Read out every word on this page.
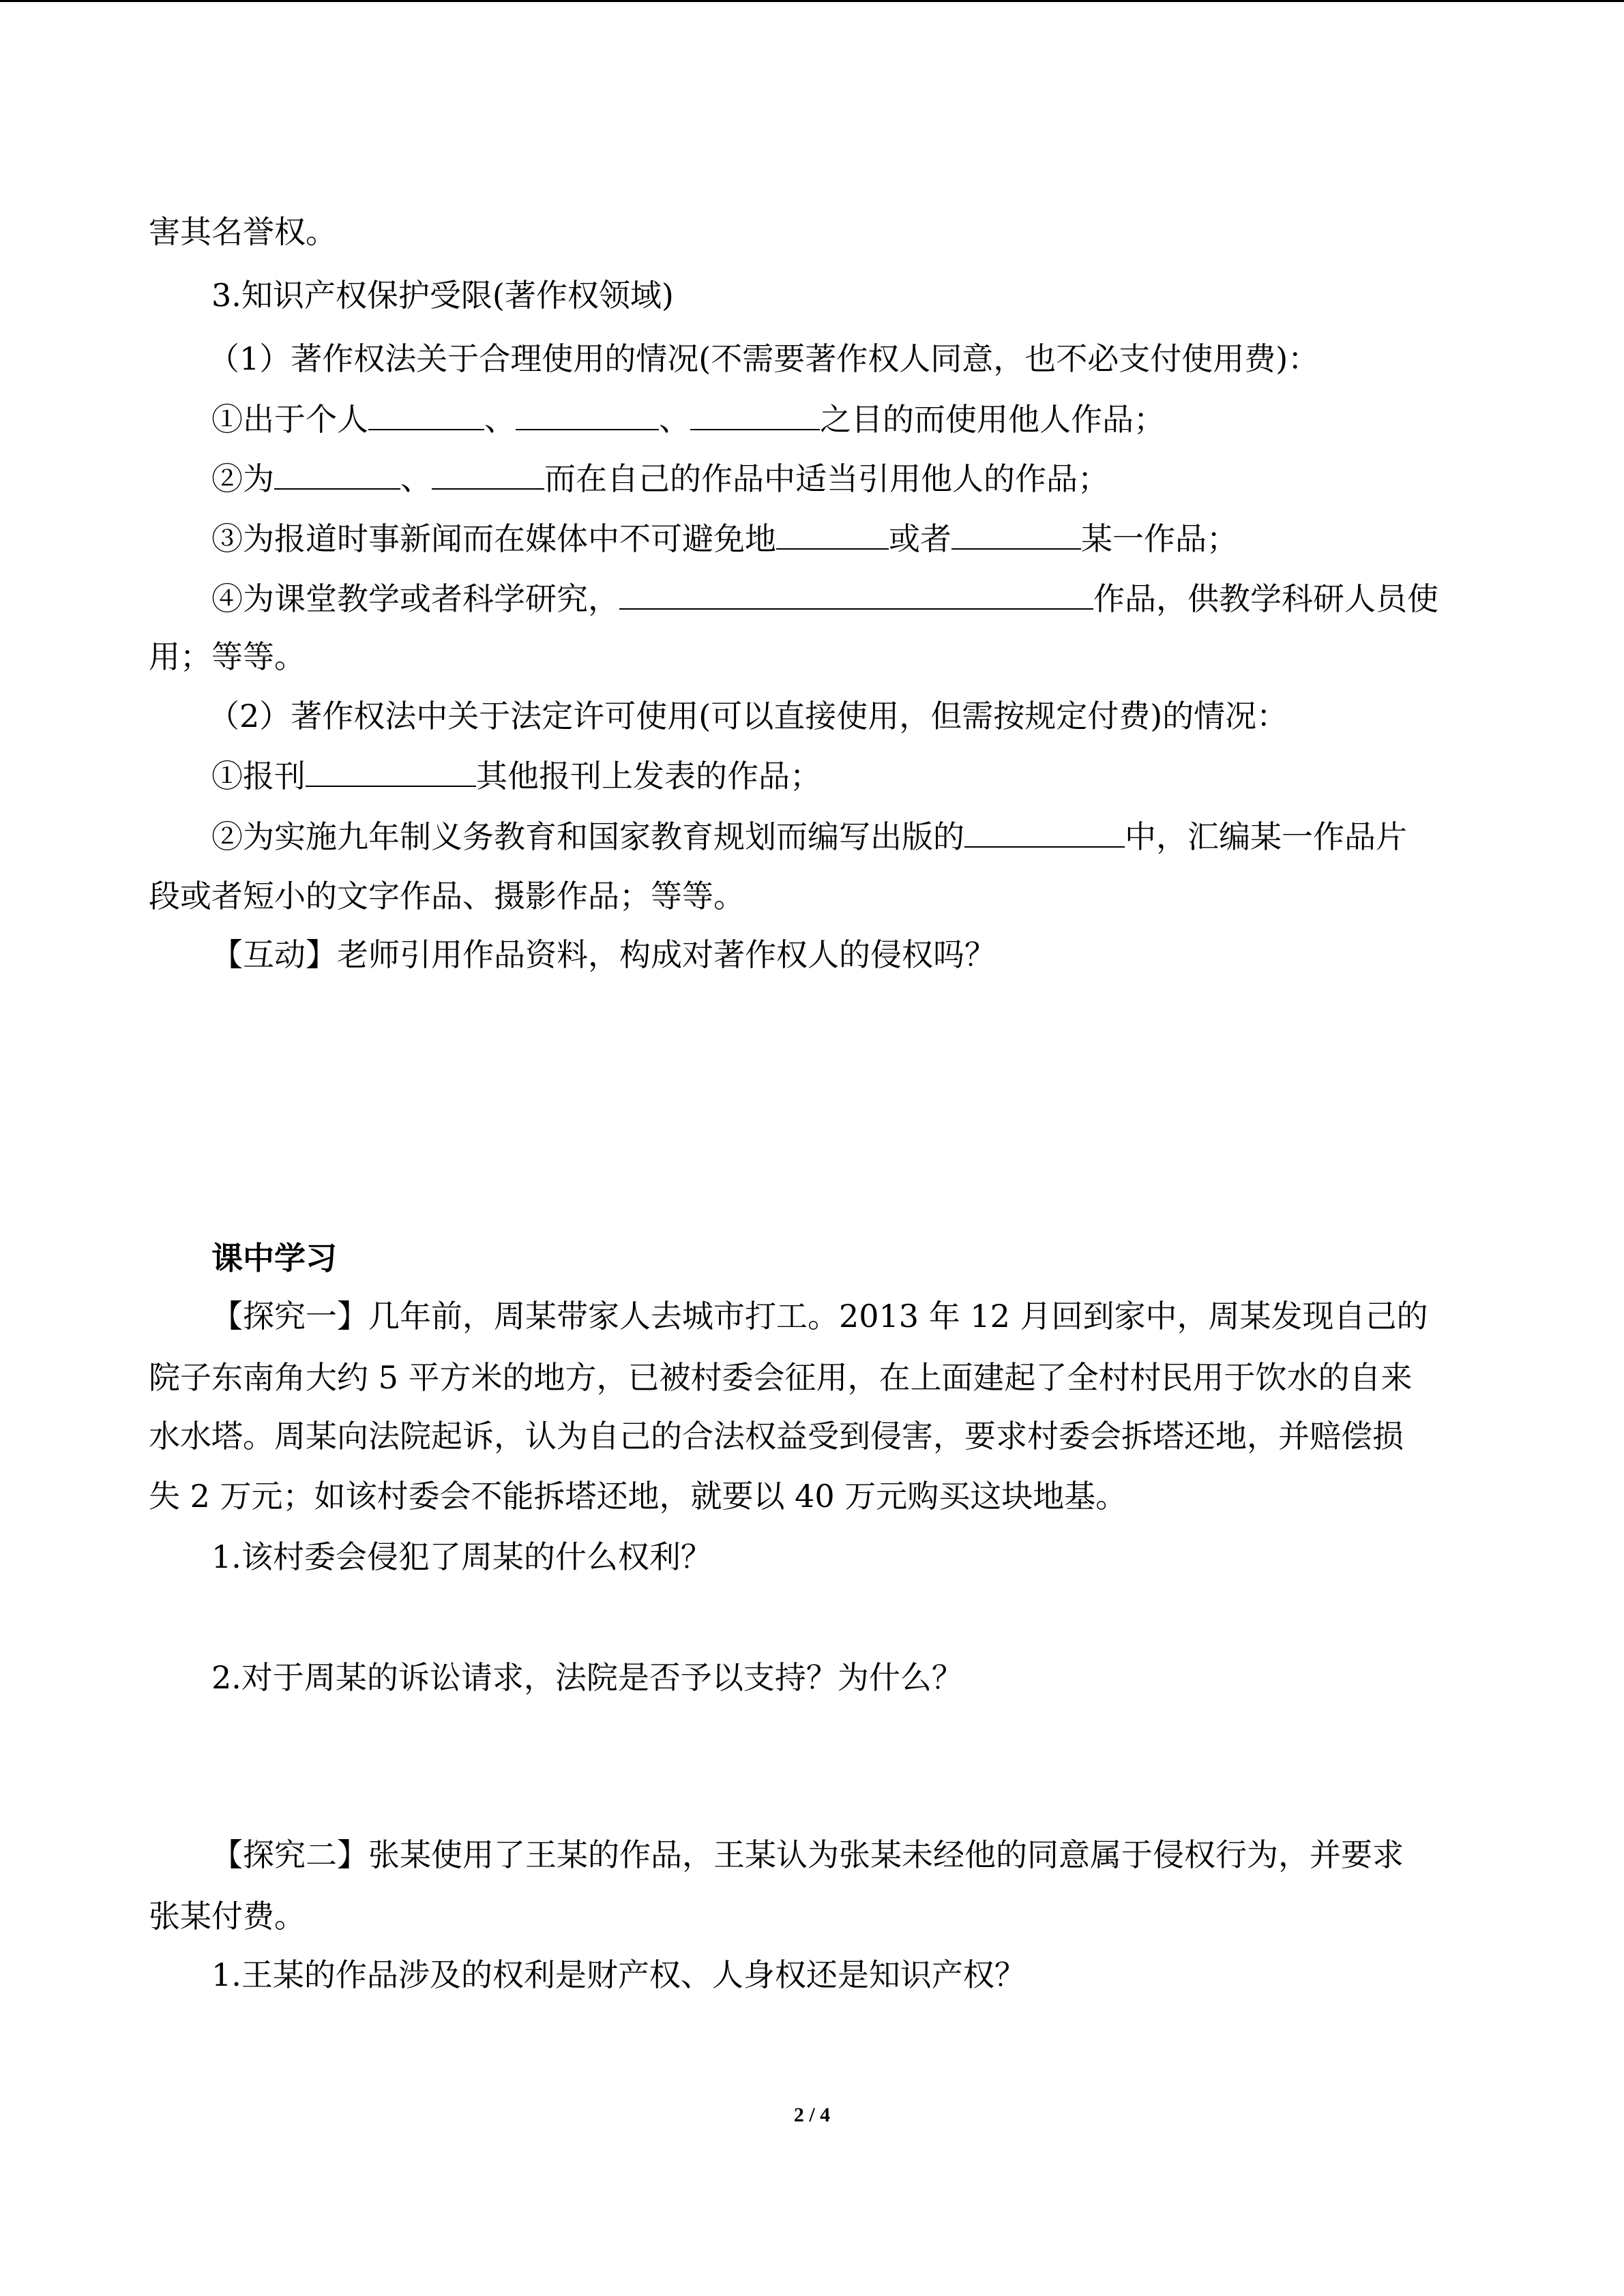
害其名誉权。
3.知识产权保护受限(著作权领域)
（1）著作权法关于合理使用的情况(不需要著作权人同意，也不必支付使用费)：
①出于个人	、	、	之目的而使用他人作品；
②为	、	而在自己的作品中适当引用他人的作品；
③为报道时事新闻而在媒体中不可避免地	或者	某一作品；
④为课堂教学或者科学研究，	作品，供教学科研人员使
用；等等。
（2）著作权法中关于法定许可使用(可以直接使用，但需按规定付费)的情况：
①报刊	其他报刊上发表的作品；
②为实施九年制义务教育和国家教育规划而编写出版的	中，汇编某一作品片
段或者短小的文字作品、摄影作品；等等。
【互动】老师引用作品资料，构成对著作权人的侵权吗？
课中学习
【探究一】几年前，周某带家人去城市打工。2013 年 12 月回到家中，周某发现自己的
院子东南角大约 5 平方米的地方，已被村委会征用，在上面建起了全村村民用于饮水的自来
水水塔。周某向法院起诉，认为自己的合法权益受到侵害，要求村委会拆塔还地，并赔偿损
失 2 万元；如该村委会不能拆塔还地，就要以 40 万元购买这块地基。
1.该村委会侵犯了周某的什么权利？
2.对于周某的诉讼请求，法院是否予以支持？为什么？
【探究二】张某使用了王某的作品，王某认为张某未经他的同意属于侵权行为，并要求
张某付费。
1.王某的作品涉及的权利是财产权、人身权还是知识产权？
2 / 4
